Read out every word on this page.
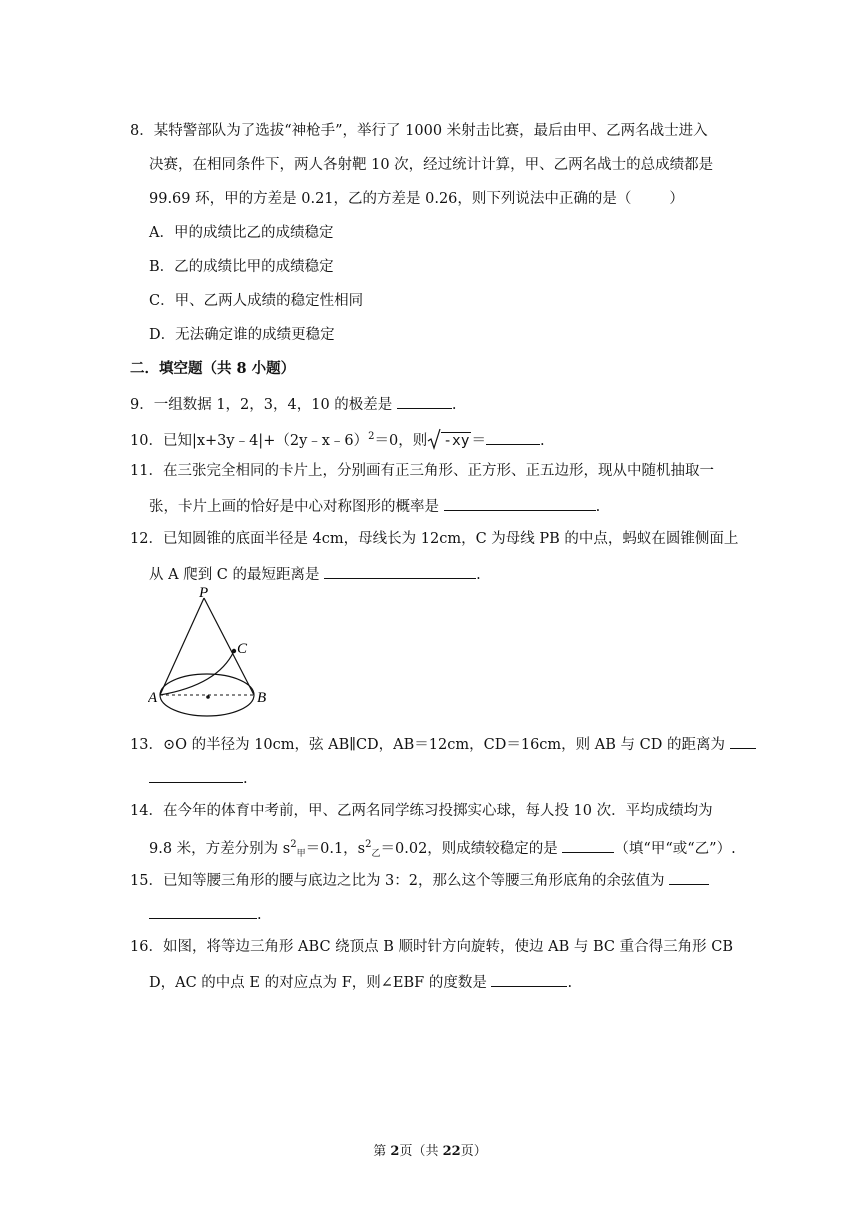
8．某特警部队为了选拔“神枪手”，举行了 1000 米射击比赛，最后由甲、乙两名战士进入
决赛，在相同条件下，两人各射靶 10 次，经过统计计算，甲、乙两名战士的总成绩都是
99.69 环，甲的方差是 0.21，乙的方差是 0.26，则下列说法中正确的是（	）
A．甲的成绩比乙的成绩稳定
B．乙的成绩比甲的成绩稳定
C．甲、乙两人成绩的稳定性相同
D．无法确定谁的成绩更稳定
二．填空题（共 8 小题）
9．一组数据 1，2，3，4，10 的极差是	.
10．已知|x+3y﹣4|+（2y﹣x﹣6）$^2$＝0，则 -xy ＝	.
11．在三张完全相同的卡片上，分别画有正三角形、正方形、正五边形，现从中随机抽取一
张，卡片上画的恰好是中心对称图形的概率是	.
12．已知圆锥的底面半径是 4cm，母线长为 12cm，C 为母线 PB 的中点，蚂蚁在圆锥侧面上
从 A 爬到 C 的最短距离是	.
P
C
A	B
13．⊙O 的半径为 10cm，弦 AB∥CD，AB＝12cm，CD＝16cm，则 AB 与 CD 的距离为
.
14．在今年的体育中考前，甲、乙两名同学练习投掷实心球，每人投 10 次．平均成绩均为
9.8 米，方差分别为 $s^2_甲=0.1$，$s^2_乙=0.02$，则成绩较稳定的是	（填“甲“或“乙”）.
15．已知等腰三角形的腰与底边之比为 3：2，那么这个等腰三角形底角的余弦值为
.
16．如图，将等边三角形 ABC 绕顶点 B 顺时针方向旋转，使边 AB 与 BC 重合得三角形 CB
D，AC 的中点 E 的对应点为 F，则∠EBF 的度数是	.
第 2页（共 22页）
